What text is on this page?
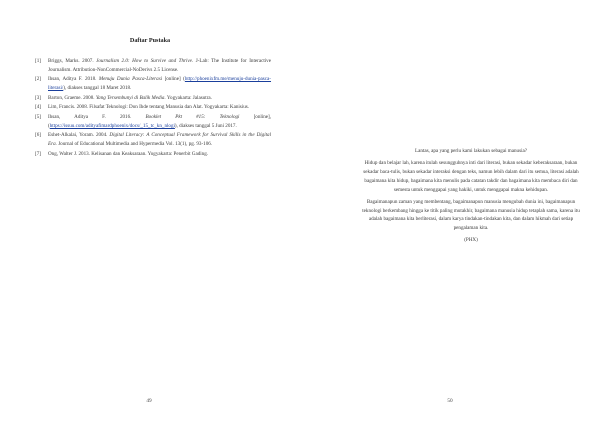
Daftar Pustaka
[1]	Briggs, Marks. 2007. Journalism 2.0: How to Survive and Thrive. J-Lab: The Institute for Interactive Journalism. Attribution-NonCommercial-NoDerivs 2.5 License.
[2]	Ihsan, Aditya F. 2018. Menuju Dunia Pasca-Literasi [online] (http://phoenixfm.me/menuju-dunia-pasca-literasi/), diakses tanggal 18 Maret 2018.
[3]	Barton, Graeme. 2008. Yang Tersembunyi di Balik Media. Yogyakarta: Jalasutra.
[4]	Lim, Francis. 2008. Filsafat Teknologi: Don Ihde tentang Manusia dan Alat. Yogyakarta: Kanisius.
[5]	Ihsan, Aditya F. 2016. Booklet Pkt #15: Teknologi [online], (https://issuu.com/adityafimardphoenix/docs/_15_tc_kn_nlogi), diakses tanggal 5 Juni 2017.
[6]	Eshet-Alkalai, Yoram. 2004. Digital Literacy: A Conceptual Framework for Survival Skills in the Digital Era. Journal of Educational Multimedia and Hypermedia Vol. 13(1), pg. 93-106.
[7]	Ong, Walter J. 2013. Kelisanan dan Keaksaraan. Yogyakarta: Penerbit Gading.
49

Lantas, apa yang perlu kami lakukan sebagai manusia?

Hidup dan belajar lah, karena itulah sesungguhnya inti dari literasi, bukan sekadar keberaksaraan, bukan sekadar baca-tulis, bukan sekadar interaksi dengan teks, namun lebih dalam dari itu semua, literasi adalah bagaimana kita hidup, bagaimana kita menulis pada catatan takdir dan bagaimana kita membaca diri dan semesta untuk menggapai yang hakiki, untuk menggapai makna kehidupan.

Bagaimanapun zaman yang membentang, bagaimanapun manusia mengubah dunia ini, bagaimanapun teknologi berkembang hingga ke titik paling mutakhir, bagaimana manusia hidup tetaplah sama, karena itu adalah bagaimana kita berliterasi, dalam karya tindakan-tindakan kita, dan dalam hikmah dari setiap pengalaman kita.

(PHX)

50
